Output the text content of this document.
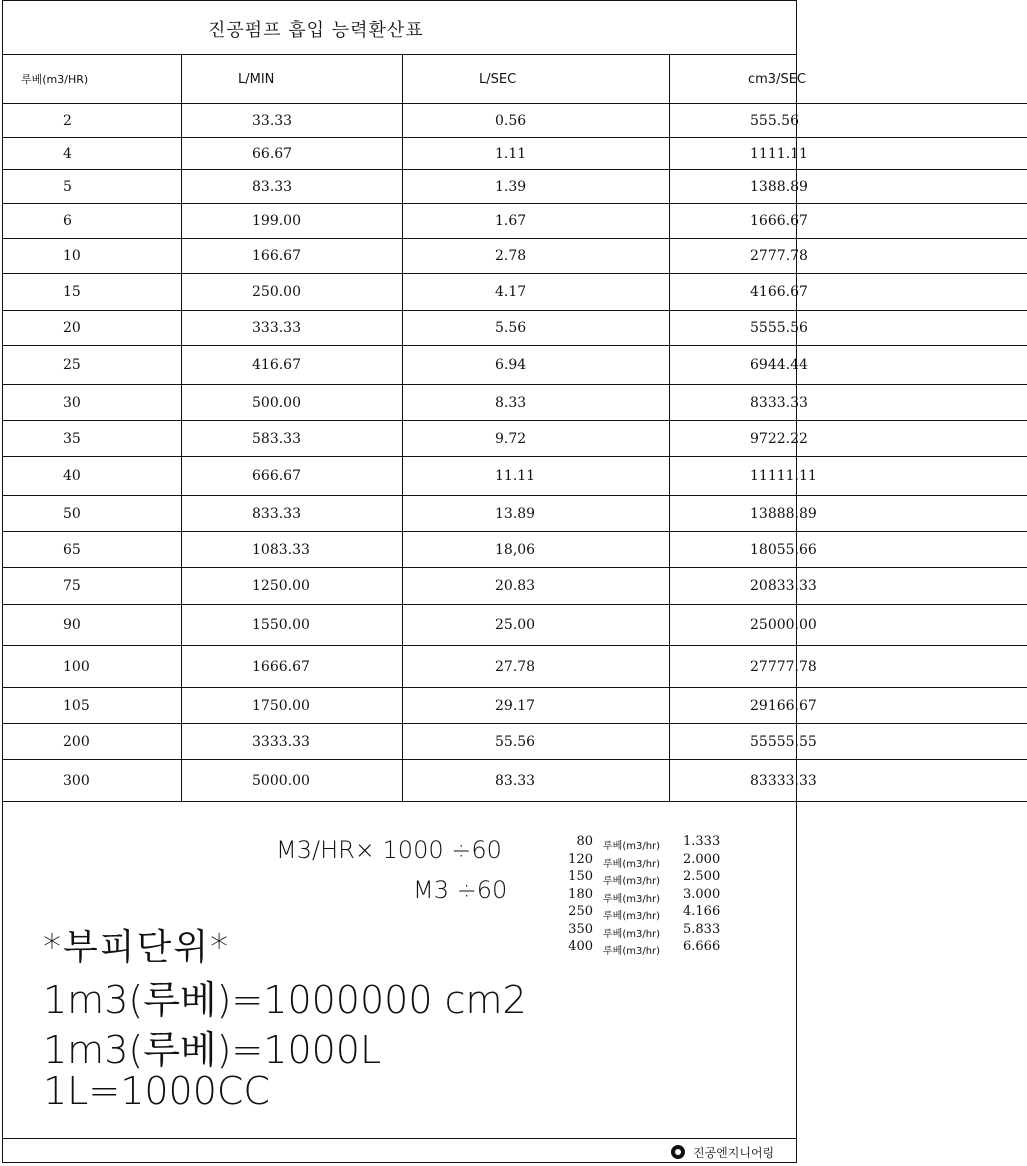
진공펌프 흡입 능력환산표
루베(m3/HR)	L/MIN	L/SEC	cm3/SEC
2	33.33	0.56	555.56
4	66.67	1.11	1111.11
5	83.33	1.39	1388.89
6	199.00	1.67	1666.67
10	166.67	2.78	2777.78
15	250.00	4.17	4166.67
20	333.33	5.56	5555.56
25	416.67	6.94	6944.44
30	500.00	8.33	8333.33
35	583.33	9.72	9722.22
40	666.67	11.11	11111.11
50	833.33	13.89	13888.89
65	1083.33	18,06	18055.66
75	1250.00	20.83	20833.33
90	1550.00	25.00	25000.00
100	1666.67	27.78	27777.78
105	1750.00	29.17	29166.67
200	3333.33	55.56	55555.55
300	5000.00	83.33	83333.33
M3/HR× 1000 ÷60
M3 ÷60
80 루베(m3/hr) 1.333
120 루베(m3/hr) 2.000
150 루베(m3/hr) 2.500
180 루베(m3/hr) 3.000
250 루베(m3/hr) 4.166
350 루베(m3/hr) 5.833
400 루베(m3/hr) 6.666
*부피단위*
1m3(루베)=1000000 cm2
1m3(루베)=1000L
1L=1000CC
진공엔지니어링
